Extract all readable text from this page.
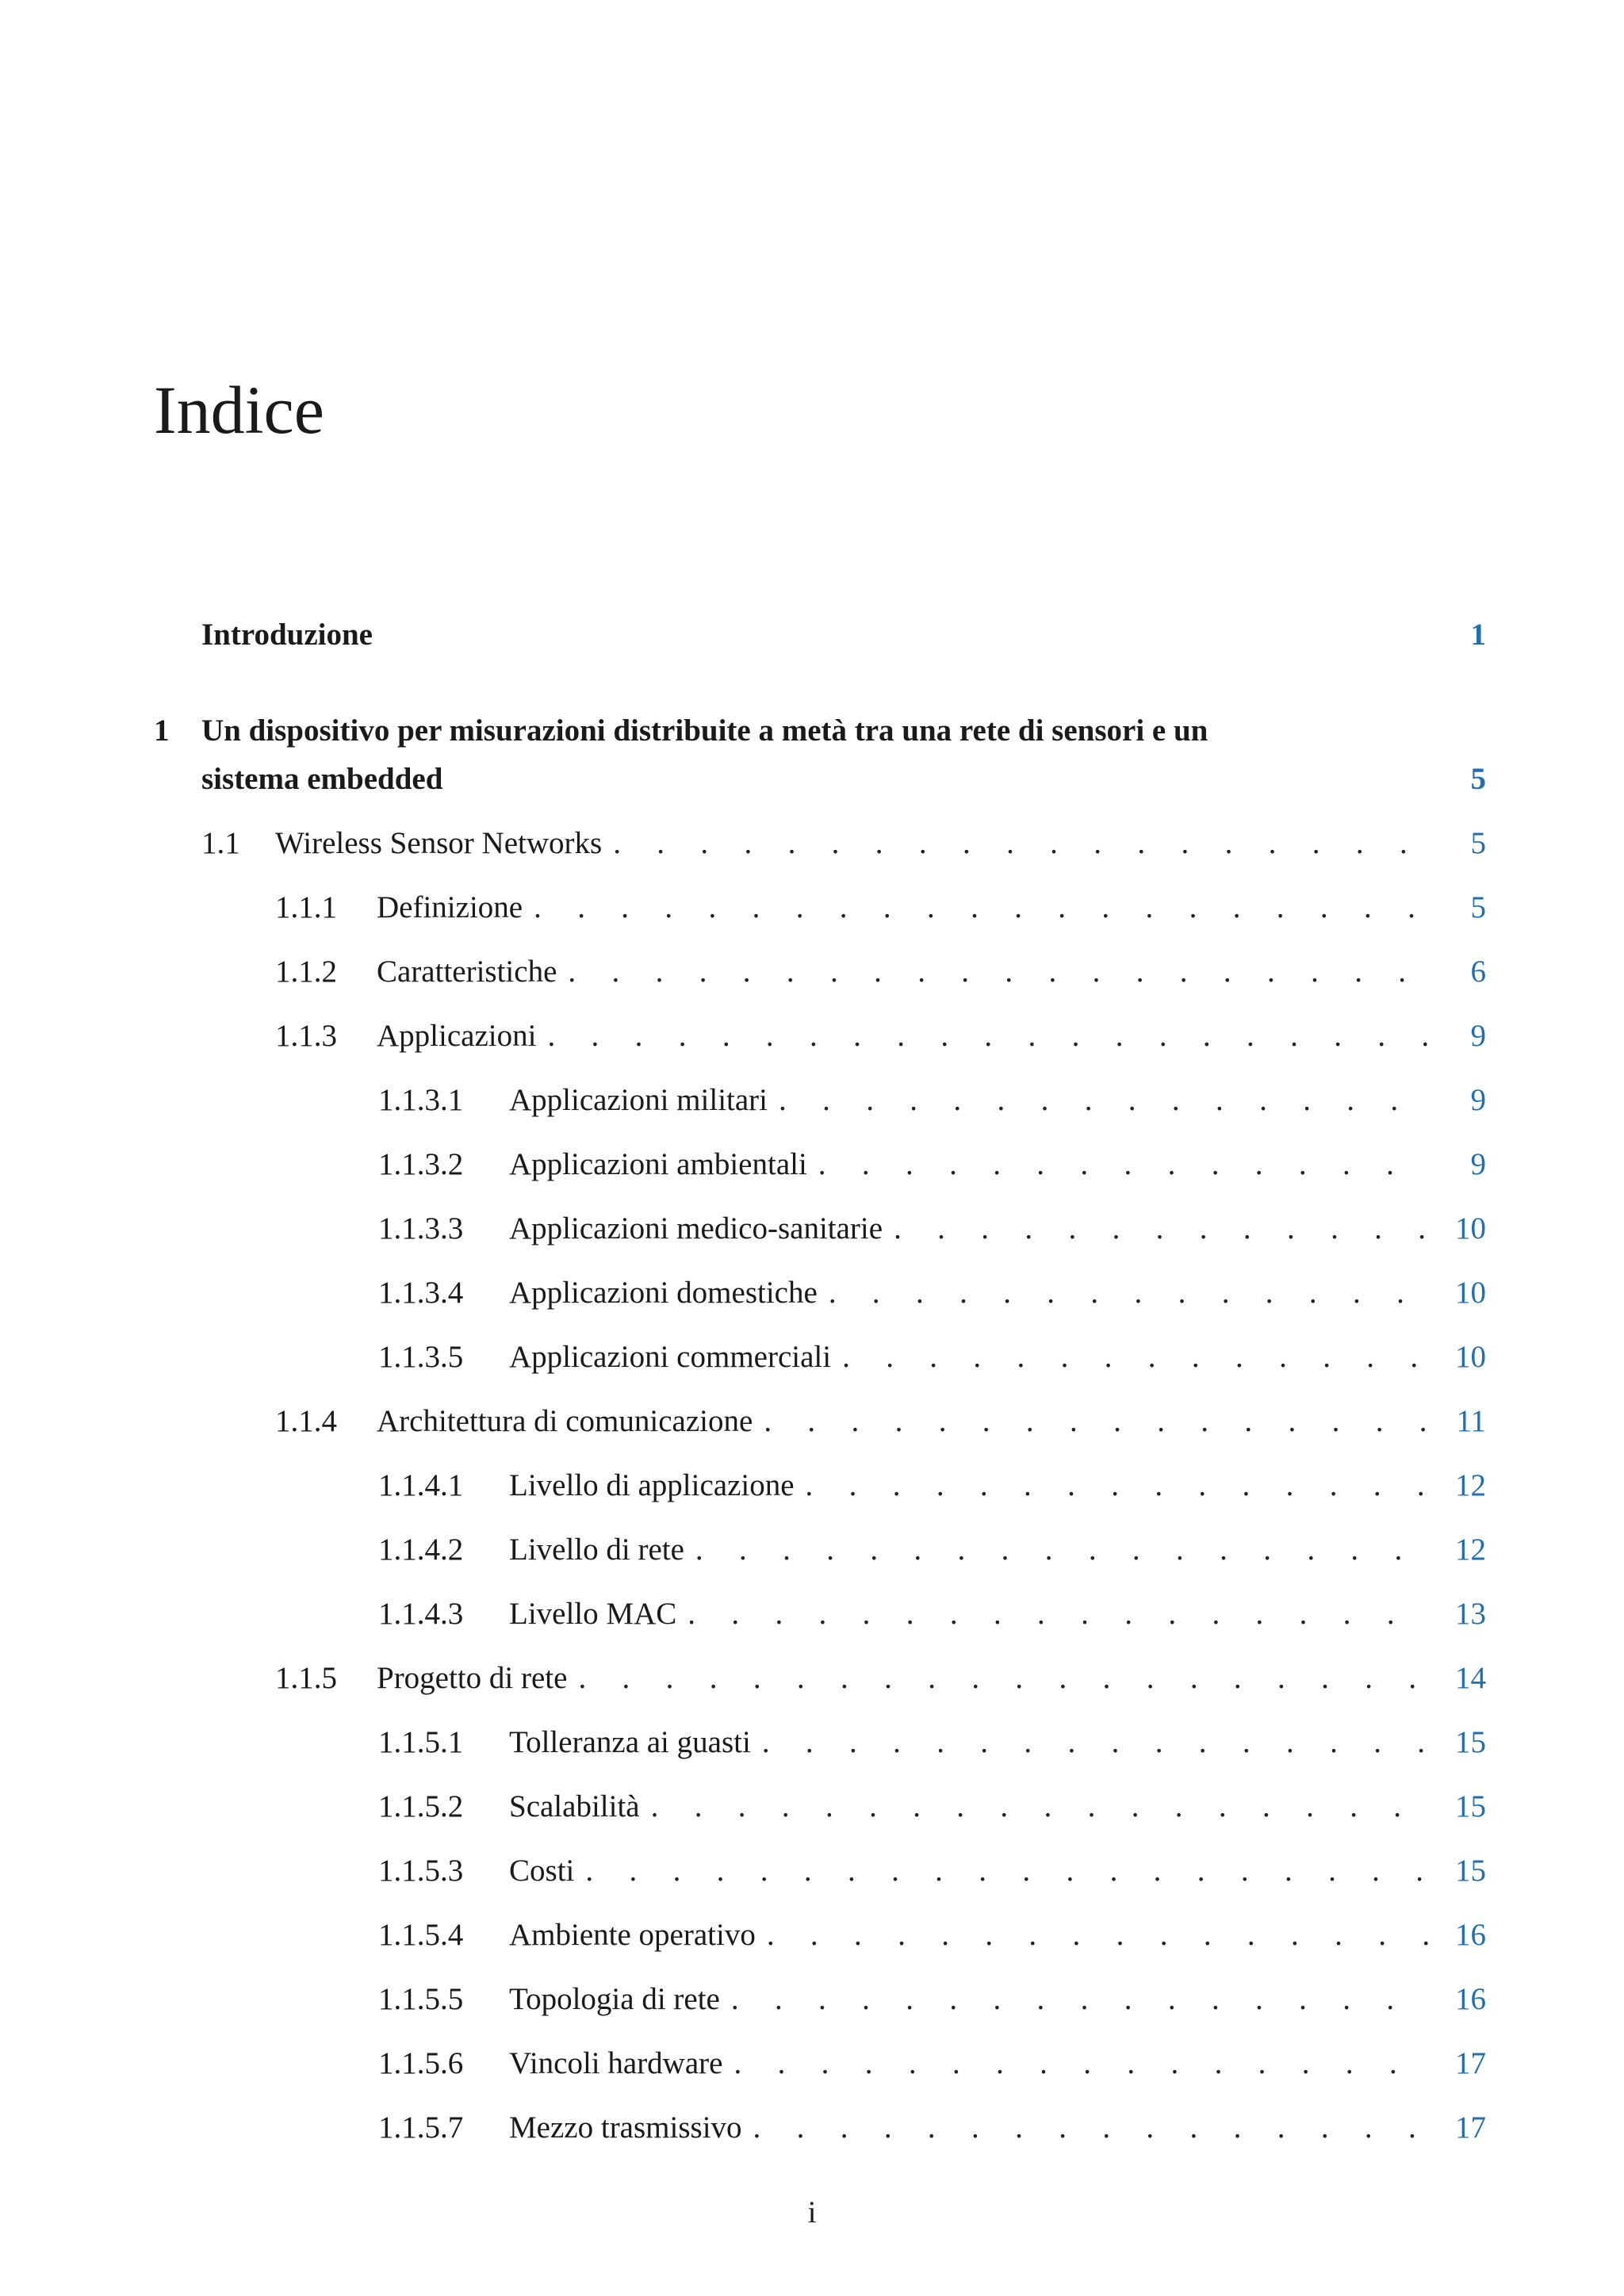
Indice
Introduzione	1
1 Un dispositivo per misurazioni distribuite a metà tra una rete di sensori e un
sistema embedded	5
1.1	Wireless Sensor Networks . . .	5
1.1.1	Definizione . . .	5
1.1.2	Caratteristiche . . .	6
1.1.3	Applicazioni . . .	9
1.1.3.1	Applicazioni militari . . .	9
1.1.3.2	Applicazioni ambientali . . .	9
1.1.3.3	Applicazioni medico-sanitarie . . .	10
1.1.3.4	Applicazioni domestiche . . .	10
1.1.3.5	Applicazioni commerciali . . .	10
1.1.4	Architettura di comunicazione . . .	11
1.1.4.1	Livello di applicazione . . .	12
1.1.4.2	Livello di rete . . .	12
1.1.4.3	Livello MAC . . .	13
1.1.5	Progetto di rete . . .	14
1.1.5.1	Tolleranza ai guasti . . .	15
1.1.5.2	Scalabilità . . .	15
1.1.5.3	Costi . . .	15
1.1.5.4	Ambiente operativo . . .	16
1.1.5.5	Topologia di rete . . .	16
1.1.5.6	Vincoli hardware . . .	17
1.1.5.7	Mezzo trasmissivo . . .	17
i
